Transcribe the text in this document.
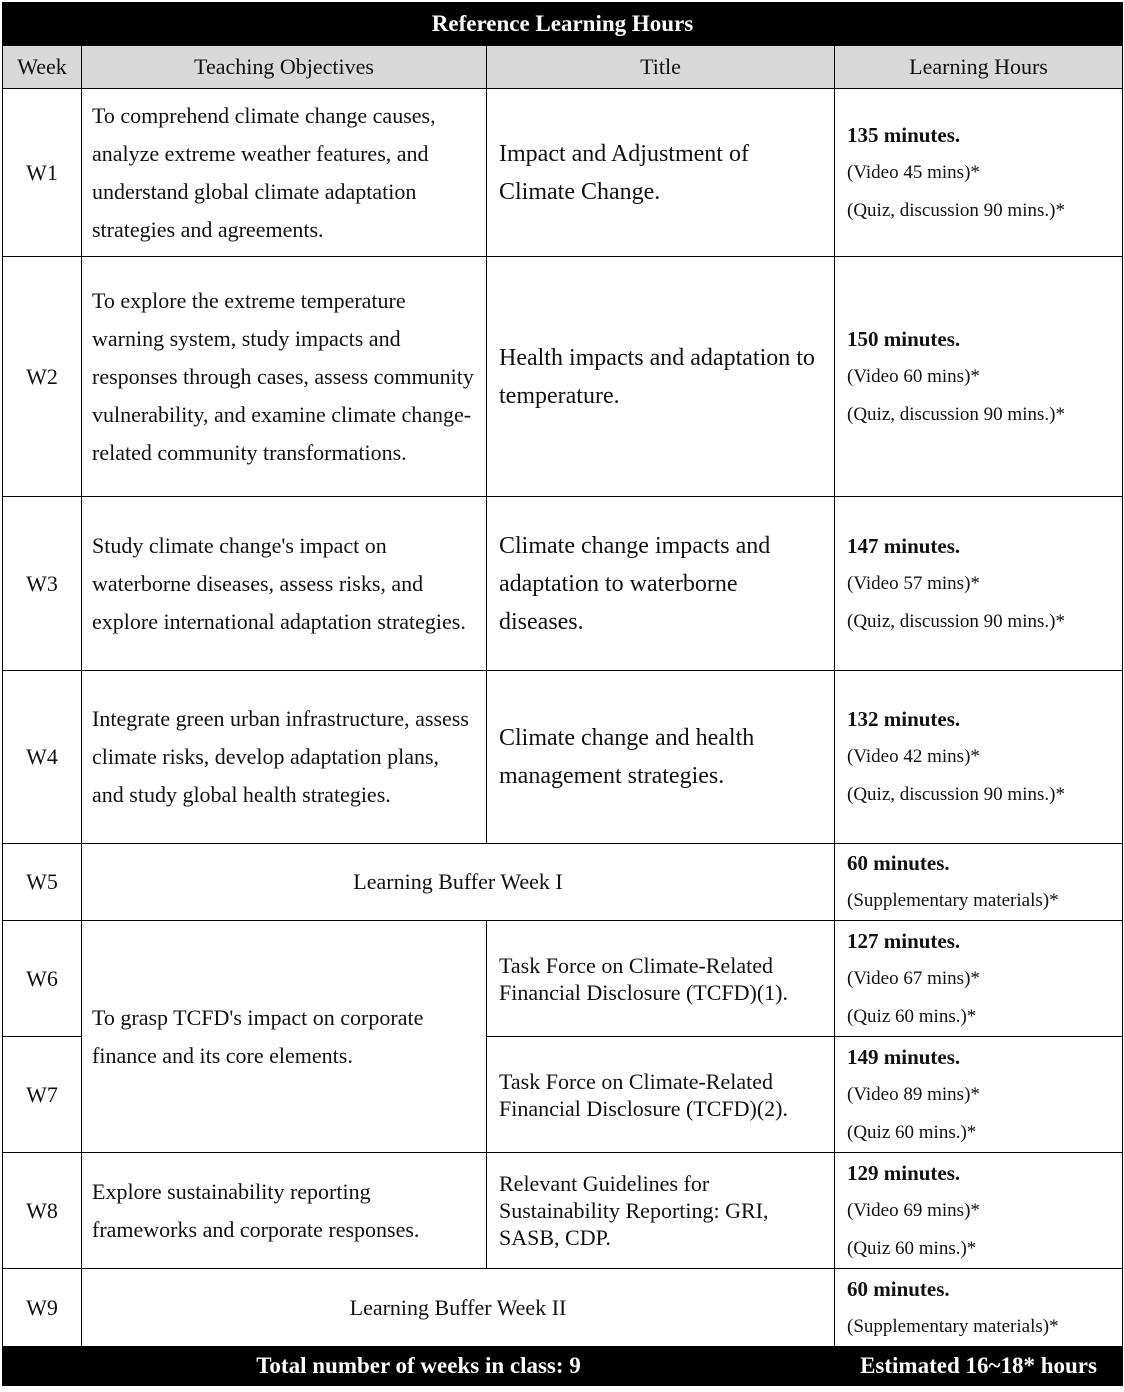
Reference Learning Hours			
Week	Teaching Objectives	Title	Learning Hours
W1	To comprehend climate change causes, analyze extreme weather features, and understand global climate adaptation strategies and agreements.	Impact and Adjustment of Climate Change.	135 minutes.
(Video 45 mins)*
(Quiz, discussion 90 mins.)*

W2	To explore the extreme temperature warning system, study impacts and responses through cases, assess community vulnerability, and examine climate change-related community transformations.	Health impacts and adaptation to temperature.	150 minutes.
(Video 60 mins)*
(Quiz, discussion 90 mins.)*

W3	Study climate change's impact on waterborne diseases, assess risks, and explore international adaptation strategies.	Climate change impacts and adaptation to waterborne diseases.	147 minutes.
(Video 57 mins)*
(Quiz, discussion 90 mins.)*

W4	Integrate green urban infrastructure, assess climate risks, develop adaptation plans, and study global health strategies.	Climate change and health management strategies.	132 minutes.
(Video 42 mins)*
(Quiz, discussion 90 mins.)*

W5	Learning Buffer Week I		60 minutes.
(Supplementary materials)*

W6	To grasp TCFD's impact on corporate finance and its core elements.	Task Force on Climate-Related Financial Disclosure (TCFD)(1).	127 minutes.
(Video 67 mins)*
(Quiz 60 mins.)*

W7		Task Force on Climate-Related Financial Disclosure (TCFD)(2).	149 minutes.
(Video 89 mins)*
(Quiz 60 mins.)*

W8	Explore sustainability reporting frameworks and corporate responses.	Relevant Guidelines for Sustainability Reporting: GRI, SASB, CDP.	129 minutes.
(Video 69 mins)*
(Quiz 60 mins.)*

W9	Learning Buffer Week II		60 minutes.
(Supplementary materials)*

Total number of weeks in class: 9			Estimated 16~18* hours
